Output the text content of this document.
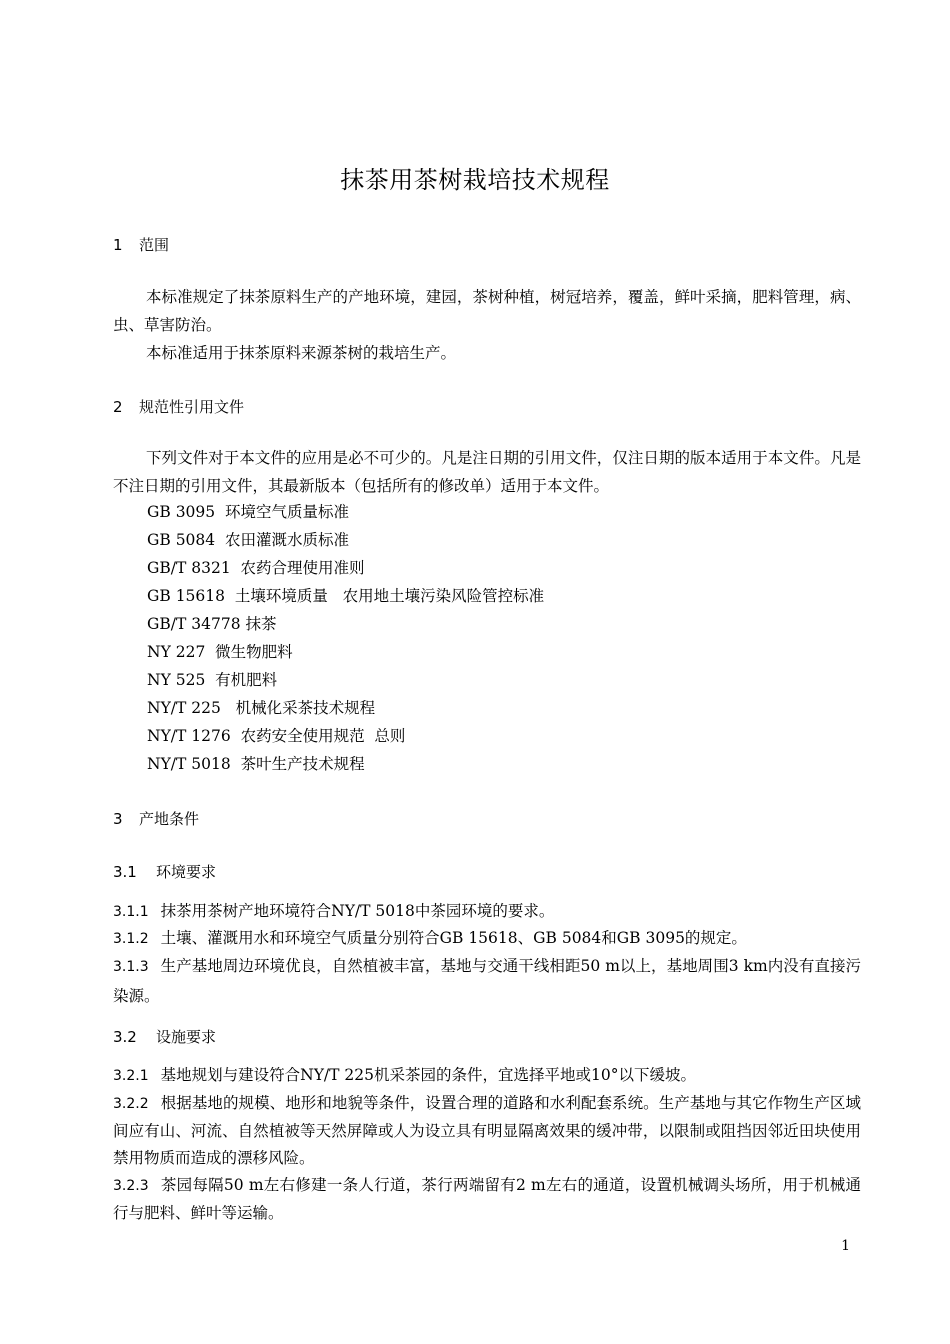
抹茶用茶树栽培技术规程
1 范围
本标准规定了抹茶原料生产的产地环境，建园，茶树种植，树冠培养，覆盖，鲜叶采摘，肥料管理，病、虫、草害防治。
本标准适用于抹茶原料来源茶树的栽培生产。
2 规范性引用文件
下列文件对于本文件的应用是必不可少的。凡是注日期的引用文件，仅注日期的版本适用于本文件。凡是不注日期的引用文件，其最新版本（包括所有的修改单）适用于本文件。
GB 3095  环境空气质量标准
GB 5084  农田灌溉水质标准
GB/T 8321  农药合理使用准则
GB 15618  土壤环境质量   农用地土壤污染风险管控标准
GB/T 34778 抹茶
NY 227  微生物肥料
NY 525  有机肥料
NY/T 225   机械化采茶技术规程
NY/T 1276  农药安全使用规范  总则
NY/T 5018  茶叶生产技术规程
3 产地条件
3.1 环境要求
3.1.1 抹茶用茶树产地环境符合NY/T 5018中茶园环境的要求。
3.1.2 土壤、灌溉用水和环境空气质量分别符合GB 15618、GB 5084和GB 3095的规定。
3.1.3 生产基地周边环境优良，自然植被丰富，基地与交通干线相距50 m以上，基地周围3 km内没有直接污染源。
3.2 设施要求
3.2.1 基地规划与建设符合NY/T 225机采茶园的条件，宜选择平地或10°以下缓坡。
3.2.2 根据基地的规模、地形和地貌等条件，设置合理的道路和水利配套系统。生产基地与其它作物生产区域间应有山、河流、自然植被等天然屏障或人为设立具有明显隔离效果的缓冲带，以限制或阻挡因邻近田块使用禁用物质而造成的漂移风险。
3.2.3 茶园每隔50 m左右修建一条人行道，茶行两端留有2 m左右的通道，设置机械调头场所，用于机械通行与肥料、鲜叶等运输。
1
